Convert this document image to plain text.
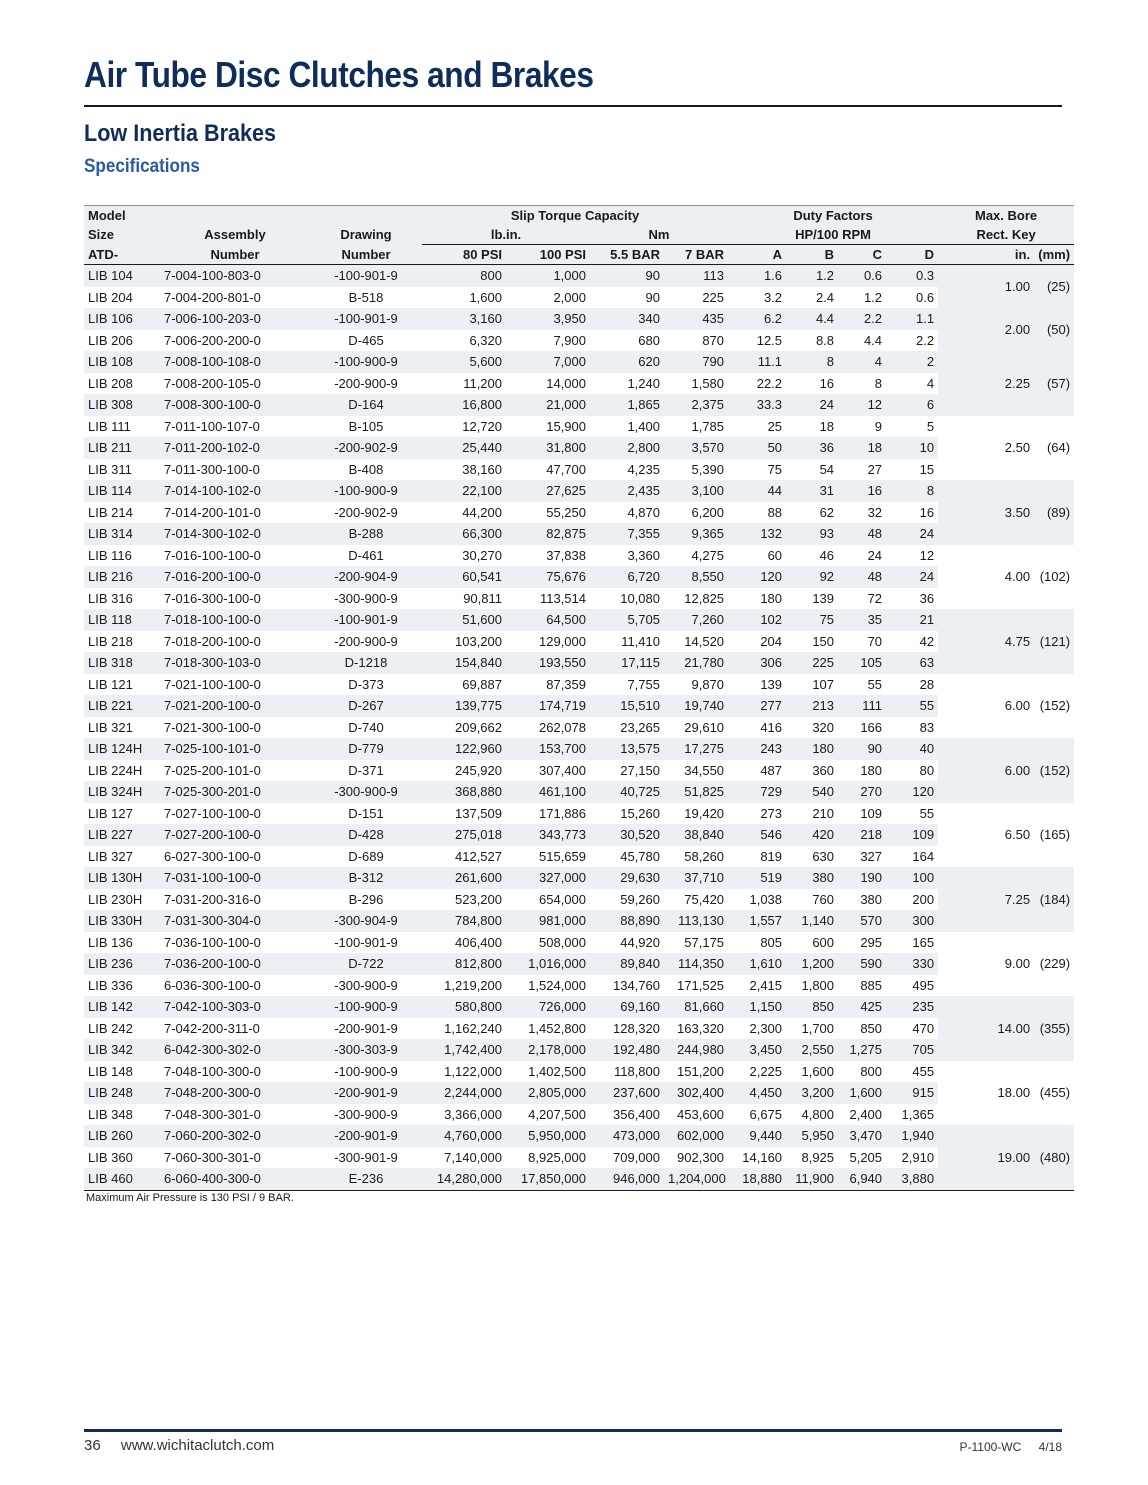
Air Tube Disc Clutches and Brakes
Low Inertia Brakes
Specifications
Model			Slip Torque Capacity				Duty Factors				Max. Bore	
Size	Assembly	Drawing	lb.in.		Nm		HP/100 RPM				Rect. Key	
ATD-	Number	Number	80 PSI	100 PSI	5.5 BAR	7 BAR	A	B	C	D	in.	(mm)
LIB 104	7-004-100-803-0	-100-901-9	800	1,000	90	113	1.6	1.2	0.6	0.3	1.00	(25)
LIB 204	7-004-200-801-0	B-518	1,600	2,000	90	225	3.2	2.4	1.2	0.6		
LIB 106	7-006-100-203-0	-100-901-9	3,160	3,950	340	435	6.2	4.4	2.2	1.1	2.00	(50)
LIB 206	7-006-200-200-0	D-465	6,320	7,900	680	870	12.5	8.8	4.4	2.2		
LIB 108	7-008-100-108-0	-100-900-9	5,600	7,000	620	790	11.1	8	4	2	2.25	(57)
LIB 208	7-008-200-105-0	-200-900-9	11,200	14,000	1,240	1,580	22.2	16	8	4		
LIB 308	7-008-300-100-0	D-164	16,800	21,000	1,865	2,375	33.3	24	12	6		
LIB 111	7-011-100-107-0	B-105	12,720	15,900	1,400	1,785	25	18	9	5	2.50	(64)
LIB 211	7-011-200-102-0	-200-902-9	25,440	31,800	2,800	3,570	50	36	18	10		
LIB 311	7-011-300-100-0	B-408	38,160	47,700	4,235	5,390	75	54	27	15		
LIB 114	7-014-100-102-0	-100-900-9	22,100	27,625	2,435	3,100	44	31	16	8	3.50	(89)
LIB 214	7-014-200-101-0	-200-902-9	44,200	55,250	4,870	6,200	88	62	32	16		
LIB 314	7-014-300-102-0	B-288	66,300	82,875	7,355	9,365	132	93	48	24		
LIB 116	7-016-100-100-0	D-461	30,270	37,838	3,360	4,275	60	46	24	12	4.00	(102)
LIB 216	7-016-200-100-0	-200-904-9	60,541	75,676	6,720	8,550	120	92	48	24		
LIB 316	7-016-300-100-0	-300-900-9	90,811	113,514	10,080	12,825	180	139	72	36		
LIB 118	7-018-100-100-0	-100-901-9	51,600	64,500	5,705	7,260	102	75	35	21	4.75	(121)
LIB 218	7-018-200-100-0	-200-900-9	103,200	129,000	11,410	14,520	204	150	70	42		
LIB 318	7-018-300-103-0	D-1218	154,840	193,550	17,115	21,780	306	225	105	63		
LIB 121	7-021-100-100-0	D-373	69,887	87,359	7,755	9,870	139	107	55	28	6.00	(152)
LIB 221	7-021-200-100-0	D-267	139,775	174,719	15,510	19,740	277	213	111	55		
LIB 321	7-021-300-100-0	D-740	209,662	262,078	23,265	29,610	416	320	166	83		
LIB 124H	7-025-100-101-0	D-779	122,960	153,700	13,575	17,275	243	180	90	40	6.00	(152)
LIB 224H	7-025-200-101-0	D-371	245,920	307,400	27,150	34,550	487	360	180	80		
LIB 324H	7-025-300-201-0	-300-900-9	368,880	461,100	40,725	51,825	729	540	270	120		
LIB 127	7-027-100-100-0	D-151	137,509	171,886	15,260	19,420	273	210	109	55	6.50	(165)
LIB 227	7-027-200-100-0	D-428	275,018	343,773	30,520	38,840	546	420	218	109		
LIB 327	6-027-300-100-0	D-689	412,527	515,659	45,780	58,260	819	630	327	164		
LIB 130H	7-031-100-100-0	B-312	261,600	327,000	29,630	37,710	519	380	190	100	7.25	(184)
LIB 230H	7-031-200-316-0	B-296	523,200	654,000	59,260	75,420	1,038	760	380	200		
LIB 330H	7-031-300-304-0	-300-904-9	784,800	981,000	88,890	113,130	1,557	1,140	570	300		
LIB 136	7-036-100-100-0	-100-901-9	406,400	508,000	44,920	57,175	805	600	295	165	9.00	(229)
LIB 236	7-036-200-100-0	D-722	812,800	1,016,000	89,840	114,350	1,610	1,200	590	330		
LIB 336	6-036-300-100-0	-300-900-9	1,219,200	1,524,000	134,760	171,525	2,415	1,800	885	495		
LIB 142	7-042-100-303-0	-100-900-9	580,800	726,000	69,160	81,660	1,150	850	425	235	14.00	(355)
LIB 242	7-042-200-311-0	-200-901-9	1,162,240	1,452,800	128,320	163,320	2,300	1,700	850	470		
LIB 342	6-042-300-302-0	-300-303-9	1,742,400	2,178,000	192,480	244,980	3,450	2,550	1,275	705		
LIB 148	7-048-100-300-0	-100-900-9	1,122,000	1,402,500	118,800	151,200	2,225	1,600	800	455	18.00	(455)
LIB 248	7-048-200-300-0	-200-901-9	2,244,000	2,805,000	237,600	302,400	4,450	3,200	1,600	915		
LIB 348	7-048-300-301-0	-300-900-9	3,366,000	4,207,500	356,400	453,600	6,675	4,800	2,400	1,365		
LIB 260	7-060-200-302-0	-200-901-9	4,760,000	5,950,000	473,000	602,000	9,440	5,950	3,470	1,940	19.00	(480)
LIB 360	7-060-300-301-0	-300-901-9	7,140,000	8,925,000	709,000	902,300	14,160	8,925	5,205	2,910		
LIB 460	6-060-400-300-0	E-236	14,280,000	17,850,000	946,000	1,204,000	18,880	11,900	6,940	3,880		
Maximum Air Pressure is 130 PSI / 9 BAR.
36 www.wichitaclutch.com	P-1100-WC 4/18
